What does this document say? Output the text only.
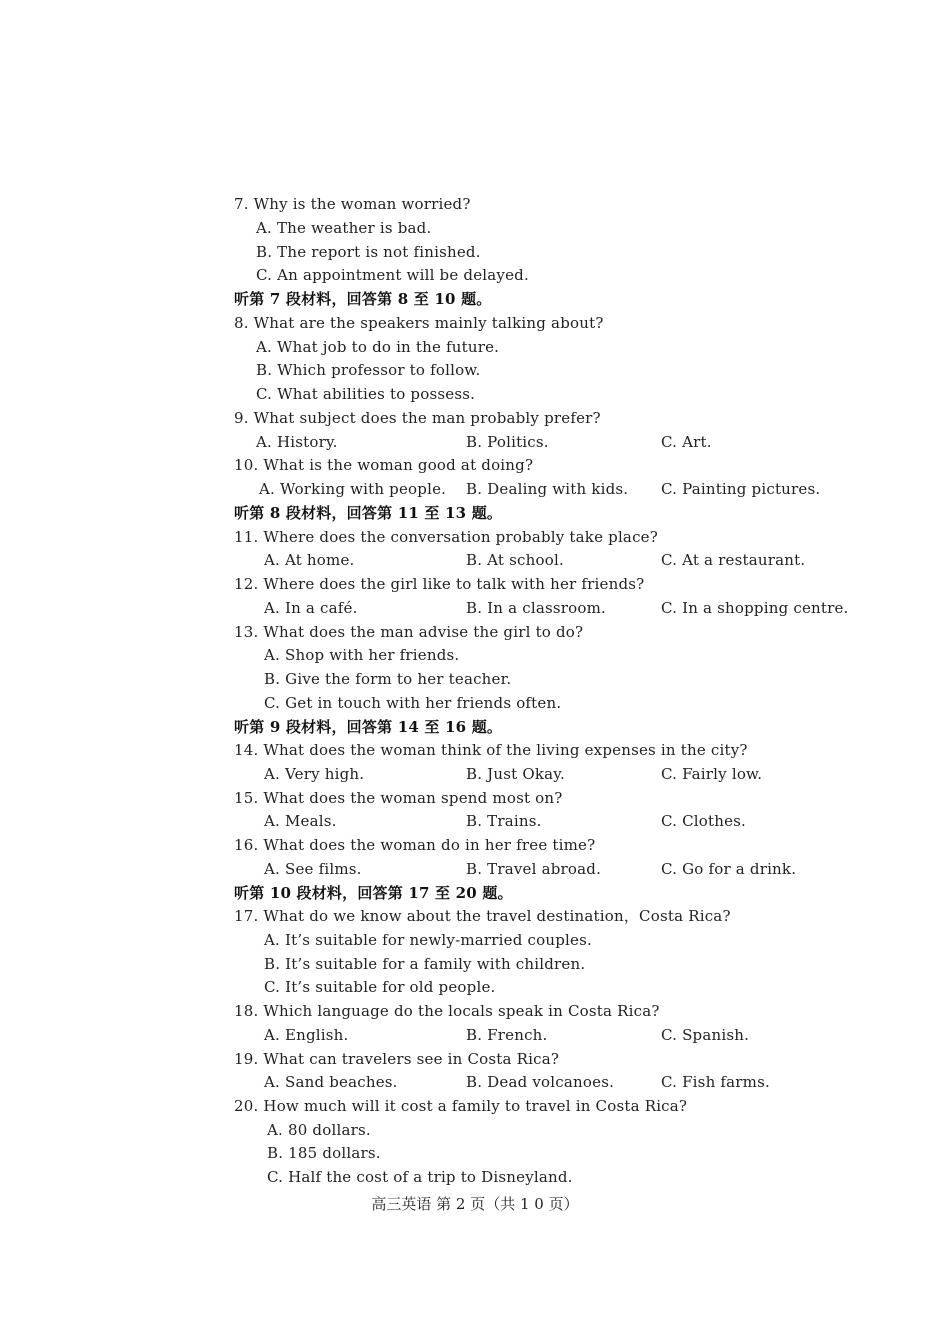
7. Why is the woman worried?
A. The weather is bad.
B. The report is not finished.
C. An appointment will be delayed.
听第 7 段材料，回答第 8 至 10 题。
8. What are the speakers mainly talking about?
A. What job to do in the future.
B. Which professor to follow.
C. What abilities to possess.
9. What subject does the man probably prefer?
A. History.	B. Politics.	C. Art.
10. What is the woman good at doing?
A. Working with people. B. Dealing with kids. C. Painting pictures.
听第 8 段材料，回答第 11 至 13 题。
11. Where does the conversation probably take place?
A. At home.	B. At school.	C. At a restaurant.
12. Where does the girl like to talk with her friends?
A. In a café.	B. In a classroom.	C. In a shopping centre.
13. What does the man advise the girl to do?
A. Shop with her friends.
B. Give the form to her teacher.
C. Get in touch with her friends often.
听第 9 段材料，回答第 14 至 16 题。
14. What does the woman think of the living expenses in the city?
A. Very high.	B. Just Okay.	C. Fairly low.
15. What does the woman spend most on?
A. Meals.	B. Trains.	C. Clothes.
16. What does the woman do in her free time?
A. See films.	B. Travel abroad.	C. Go for a drink.
听第 10 段材料，回答第 17 至 20 题。
17. What do we know about the travel destination，Costa Rica?
A. It’s suitable for newly-married couples.
B. It’s suitable for a family with children.
C. It’s suitable for old people.
18. Which language do the locals speak in Costa Rica?
A. English.	B. French.	C. Spanish.
19. What can travelers see in Costa Rica?
A. Sand beaches.	B. Dead volcanoes.	C. Fish farms.
20. How much will it cost a family to travel in Costa Rica?
A. 80 dollars.
B. 185 dollars.
C. Half the cost of a trip to Disneyland.
高三英语 第 2 页（共 1 0 页）
